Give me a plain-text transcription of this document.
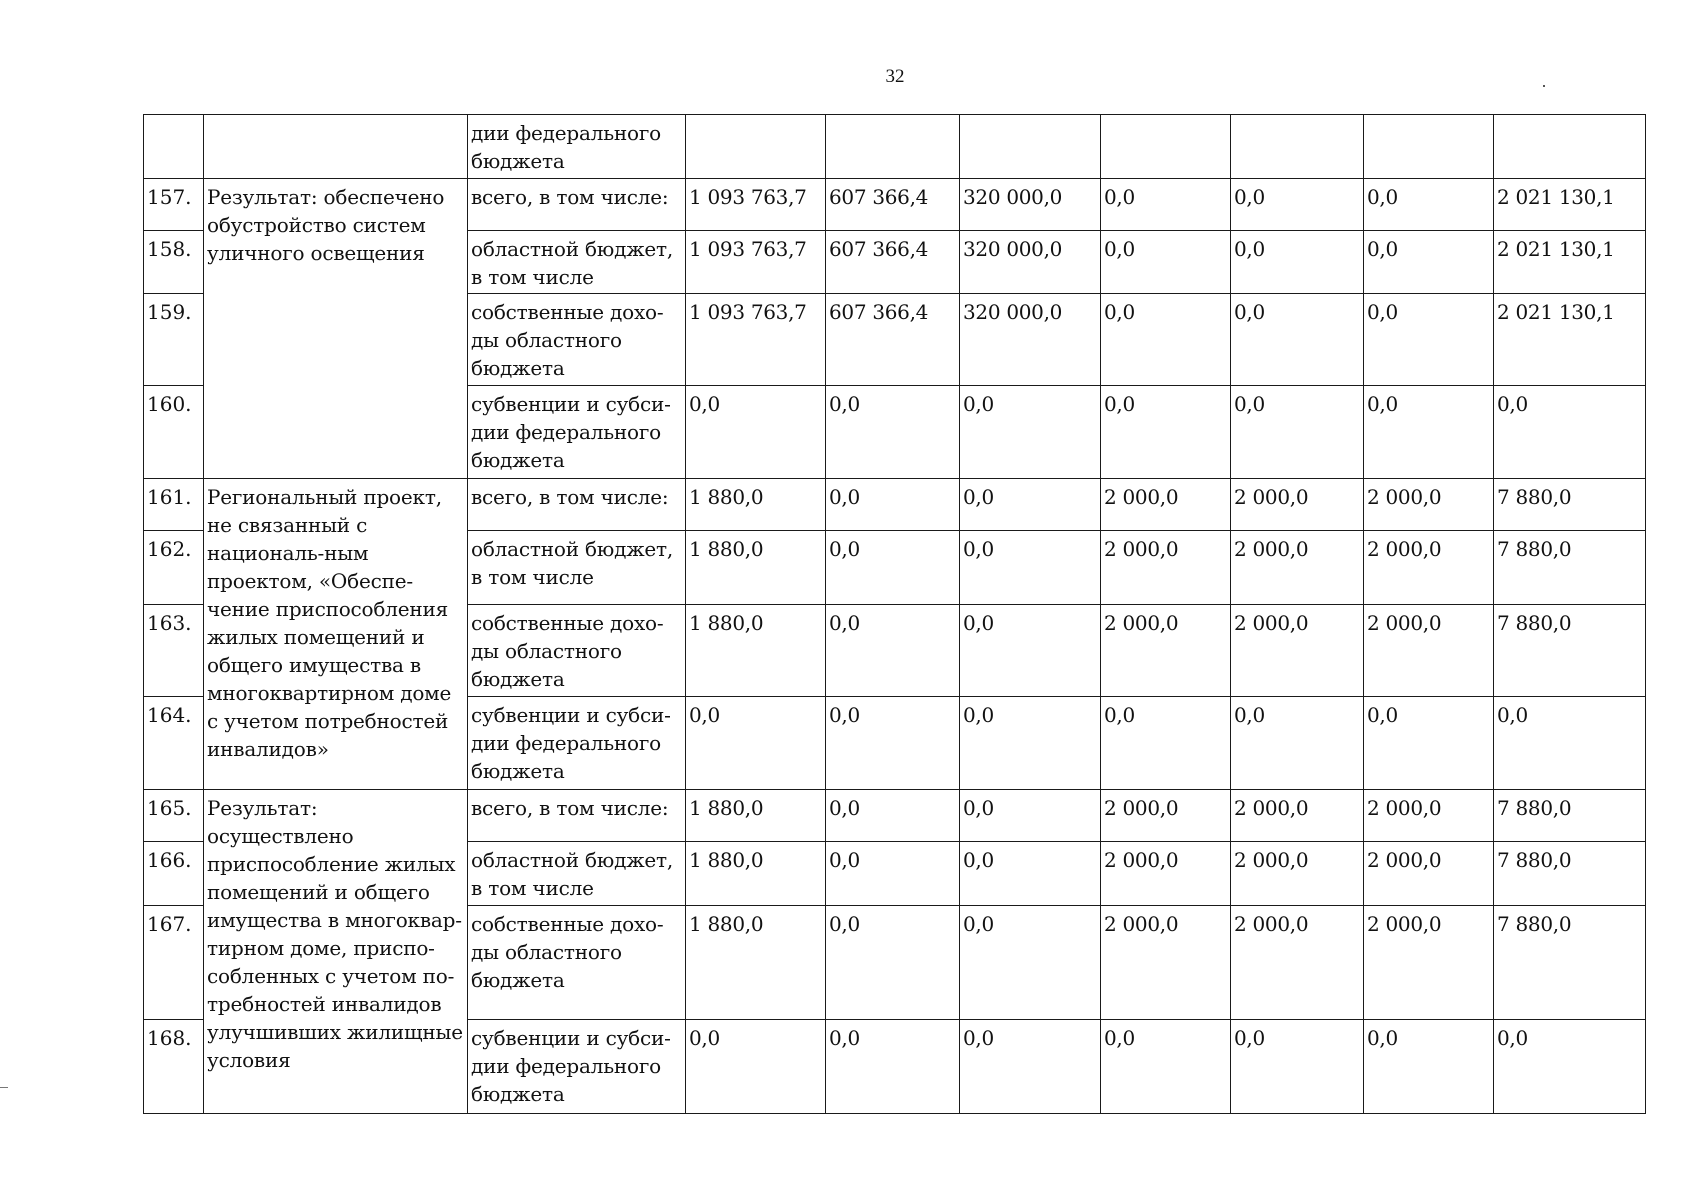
32
		дии федерального бюджета							
157.	Результат: обеспечено обустройство систем уличного освещения	всего, в том числе:	1 093 763,7	607 366,4	320 000,0	0,0	0,0	0,0	2 021 130,1
158.		областной бюджет, в том числе	1 093 763,7	607 366,4	320 000,0	0,0	0,0	0,0	2 021 130,1
159.		собственные дохо-ды областного бюджета	1 093 763,7	607 366,4	320 000,0	0,0	0,0	0,0	2 021 130,1
160.		субвенции и субси-дии федерального бюджета	0,0	0,0	0,0	0,0	0,0	0,0	0,0
161.	Региональный проект, не связанный с националь-ным проектом, «Обеспе-чение приспособления жилых помещений и общего имущества в многоквартирном доме с учетом потребностей инвалидов»	всего, в том числе:	1 880,0	0,0	0,0	2 000,0	2 000,0	2 000,0	7 880,0
162.		областной бюджет, в том числе	1 880,0	0,0	0,0	2 000,0	2 000,0	2 000,0	7 880,0
163.		собственные дохо-ды областного бюджета	1 880,0	0,0	0,0	2 000,0	2 000,0	2 000,0	7 880,0
164.		субвенции и субси-дии федерального бюджета	0,0	0,0	0,0	0,0	0,0	0,0	0,0
165.	Результат: осуществлено приспособление жилых помещений и общего имущества в многоквар-тирном доме, приспо-собленных с учетом по-требностей инвалидов улучшивших жилищные условия	всего, в том числе:	1 880,0	0,0	0,0	2 000,0	2 000,0	2 000,0	7 880,0
166.		областной бюджет, в том числе	1 880,0	0,0	0,0	2 000,0	2 000,0	2 000,0	7 880,0
167.		собственные дохо-ды областного бюджета	1 880,0	0,0	0,0	2 000,0	2 000,0	2 000,0	7 880,0
168.		субвенции и субси-дии федерального бюджета	0,0	0,0	0,0	0,0	0,0	0,0	0,0
